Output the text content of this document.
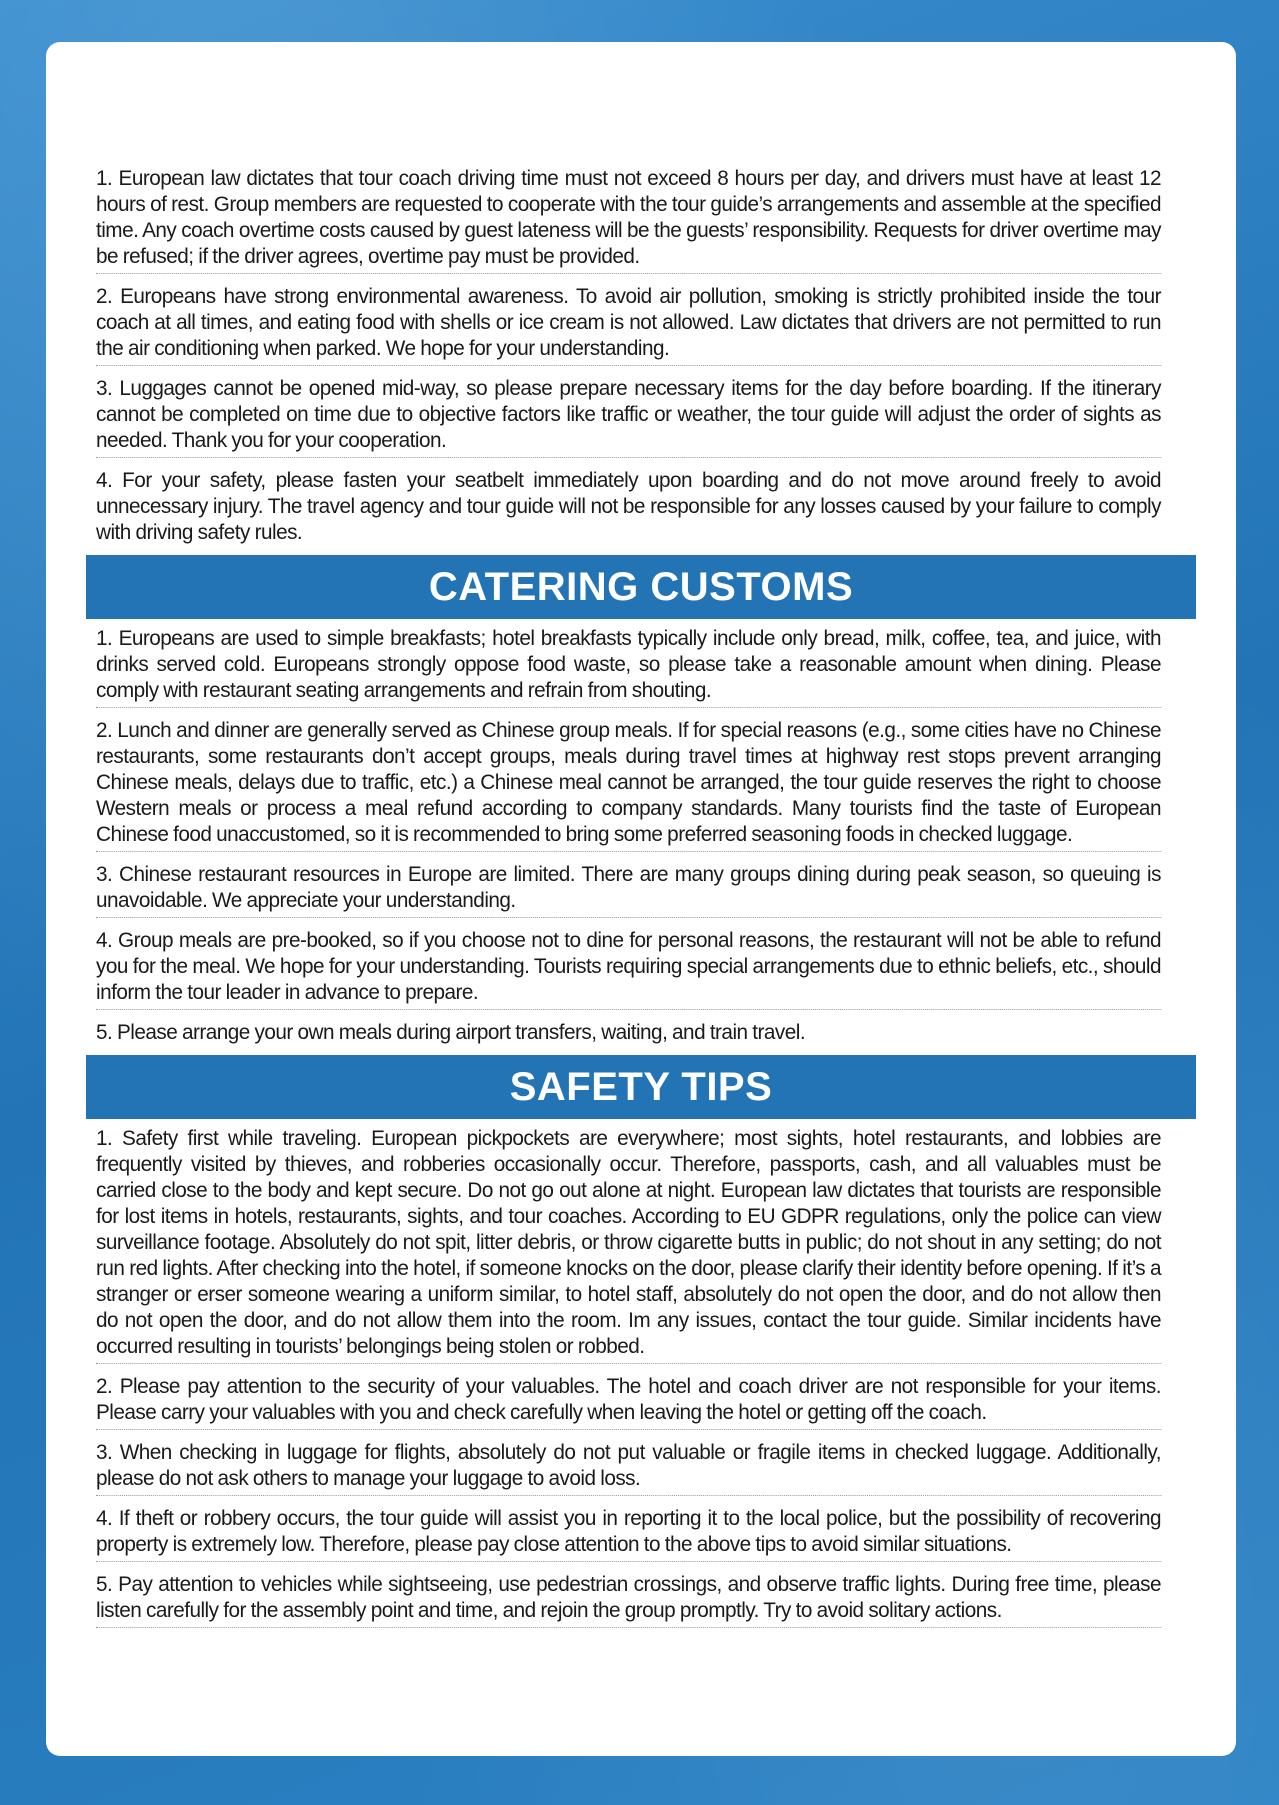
1. European law dictates that tour coach driving time must not exceed 8 hours per day, and drivers must have at least 12 hours of rest. Group members are requested to cooperate with the tour guide’s arrangements and assemble at the specified time. Any coach overtime costs caused by guest lateness will be the guests’ responsibility. Requests for driver overtime may be refused; if the driver agrees, overtime pay must be provided.

2. Europeans have strong environmental awareness. To avoid air pollution, smoking is strictly prohibited inside the tour coach at all times, and eating food with shells or ice cream is not allowed. Law dictates that drivers are not permitted to run the air conditioning when parked. We hope for your understanding.

3. Luggages cannot be opened mid-way, so please prepare necessary items for the day before boarding. If the itinerary cannot be completed on time due to objective factors like traffic or weather, the tour guide will adjust the order of sights as needed. Thank you for your cooperation.

4. For your safety, please fasten your seatbelt immediately upon boarding and do not move around freely to avoid unnecessary injury. The travel agency and tour guide will not be responsible for any losses caused by your failure to comply with driving safety rules.

CATERING CUSTOMS

1. Europeans are used to simple breakfasts; hotel breakfasts typically include only bread, milk, coffee, tea, and juice, with drinks served cold. Europeans strongly oppose food waste, so please take a reasonable amount when dining. Please comply with restaurant seating arrangements and refrain from shouting.

2. Lunch and dinner are generally served as Chinese group meals. If for special reasons (e.g., some cities have no Chinese restaurants, some restaurants don’t accept groups, meals during travel times at highway rest stops prevent arranging Chinese meals, delays due to traffic, etc.) a Chinese meal cannot be arranged, the tour guide reserves the right to choose Western meals or process a meal refund according to company standards. Many tourists find the taste of European Chinese food unaccustomed, so it is recommended to bring some preferred seasoning foods in checked luggage.

3. Chinese restaurant resources in Europe are limited. There are many groups dining during peak season, so queuing is unavoidable. We appreciate your understanding.

4. Group meals are pre-booked, so if you choose not to dine for personal reasons, the restaurant will not be able to refund you for the meal. We hope for your understanding. Tourists requiring special arrangements due to ethnic beliefs, etc., should inform the tour leader in advance to prepare.

5. Please arrange your own meals during airport transfers, waiting, and train travel.

SAFETY TIPS

1. Safety first while traveling. European pickpockets are everywhere; most sights, hotel restaurants, and lobbies are frequently visited by thieves, and robberies occasionally occur. Therefore, passports, cash, and all valuables must be carried close to the body and kept secure. Do not go out alone at night. European law dictates that tourists are responsible for lost items in hotels, restaurants, sights, and tour coaches. According to EU GDPR regulations, only the police can view surveillance footage. Absolutely do not spit, litter debris, or throw cigarette butts in public; do not shout in any setting; do not run red lights. After checking into the hotel, if someone knocks on the door, please clarify their identity before opening. If it’s a stranger or erser someone wearing a uniform similar, to hotel staff, absolutely do not open the door, and do not allow then do not open the door, and do not allow them into the room. Im any issues, contact the tour guide. Similar incidents have occurred resulting in tourists’ belongings being stolen or robbed.

2. Please pay attention to the security of your valuables. The hotel and coach driver are not responsible for your items. Please carry your valuables with you and check carefully when leaving the hotel or getting off the coach.

3. When checking in luggage for flights, absolutely do not put valuable or fragile items in checked luggage. Additionally, please do not ask others to manage your luggage to avoid loss.

4. If theft or robbery occurs, the tour guide will assist you in reporting it to the local police, but the possibility of recovering property is extremely low. Therefore, please pay close attention to the above tips to avoid similar situations.

5. Pay attention to vehicles while sightseeing, use pedestrian crossings, and observe traffic lights. During free time, please listen carefully for the assembly point and time, and rejoin the group promptly. Try to avoid solitary actions.
